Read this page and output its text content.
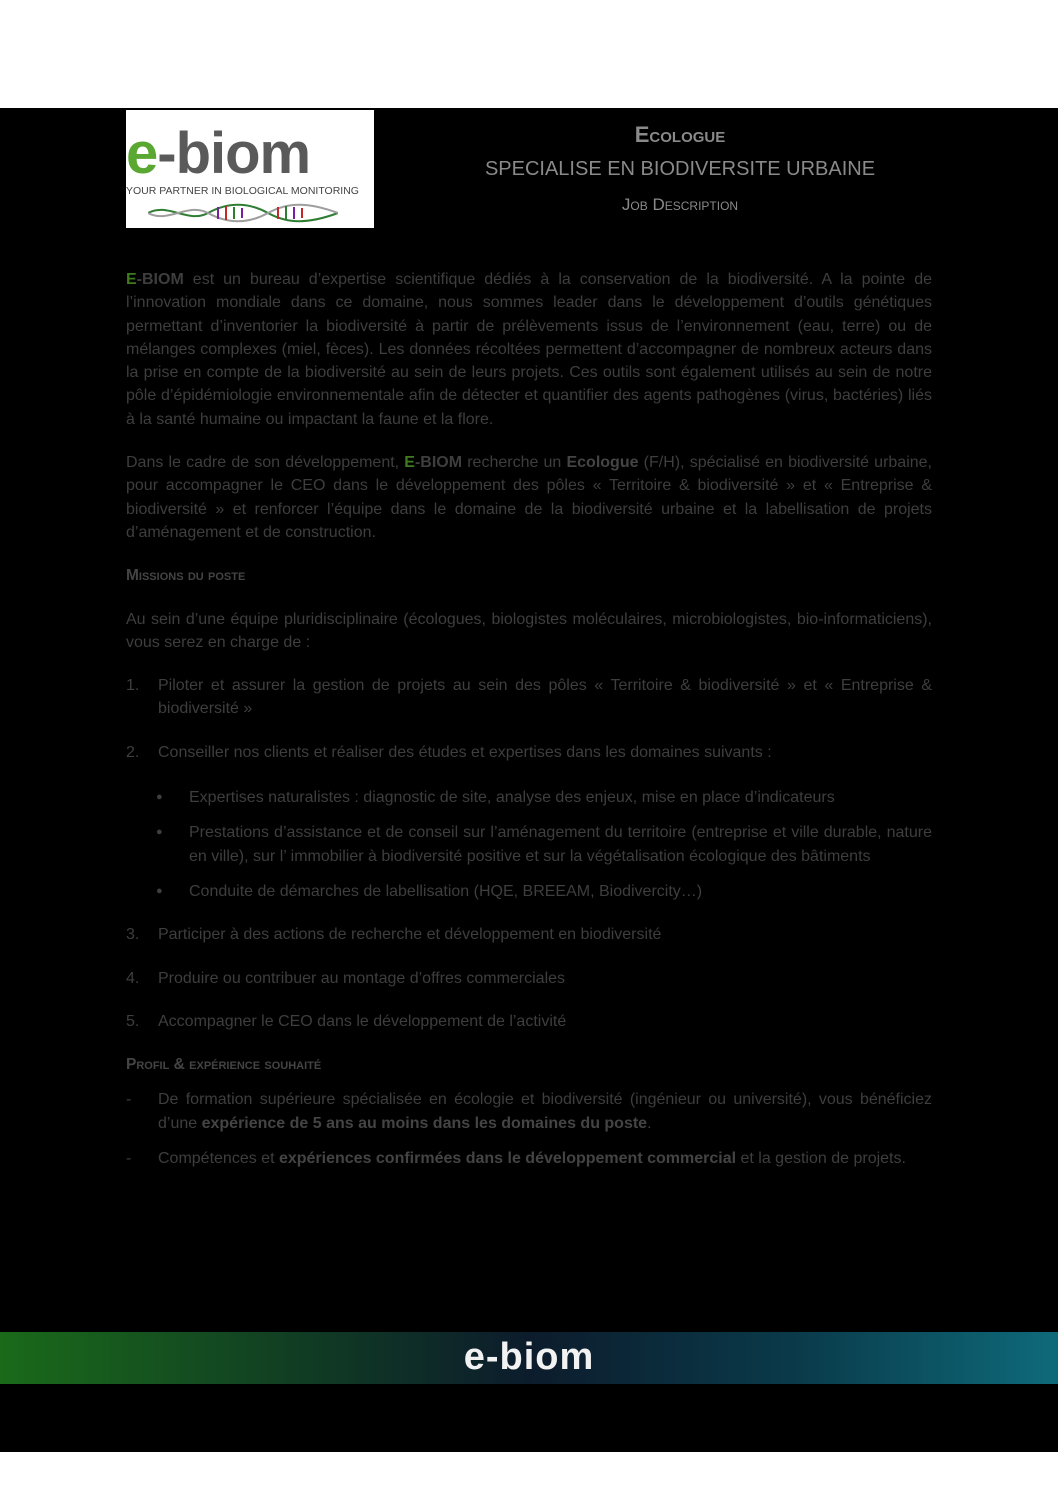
e-biom
YOUR PARTNER IN BIOLOGICAL MONITORING
Ecologue
SPECIALISE EN BIODIVERSITE URBAINE
Job Description

E-BIOM est un bureau d’expertise scientifique dédiés à la conservation de la biodiversité. A la pointe de l’innovation mondiale dans ce domaine, nous sommes leader dans le développement d’outils génétiques permettant d’inventorier la biodiversité à partir de prélèvements issus de l’environnement (eau, terre) ou de mélanges complexes (miel, fèces). Les données récoltées permettent d’accompagner de nombreux acteurs dans la prise en compte de la biodiversité au sein de leurs projets. Ces outils sont également utilisés au sein de notre pôle d’épidémiologie environnementale afin de détecter et quantifier des agents pathogènes (virus, bactéries) liés à la santé humaine ou impactant la faune et la flore.

Dans le cadre de son développement, E-BIOM recherche un Ecologue (F/H), spécialisé en biodiversité urbaine, pour accompagner le CEO dans le développement des pôles « Territoire & biodiversité » et « Entreprise & biodiversité » et renforcer l’équipe dans le domaine de la biodiversité urbaine et la labellisation de projets d’aménagement et de construction.

Missions du poste

Au sein d’une équipe pluridisciplinaire (écologues, biologistes moléculaires, microbiologistes, bio-informaticiens), vous serez en charge de :

1. Piloter et assurer la gestion de projets au sein des pôles « Territoire & biodiversité » et « Entreprise & biodiversité »
2. Conseiller nos clients et réaliser des études et expertises dans les domaines suivants :
● Expertises naturalistes : diagnostic de site, analyse des enjeux, mise en place d’indicateurs
● Prestations d’assistance et de conseil sur l’aménagement du territoire (entreprise et ville durable, nature en ville), sur l’ immobilier à biodiversité positive et sur la végétalisation écologique des bâtiments
● Conduite de démarches de labellisation (HQE, BREEAM, Biodivercity…)
3. Participer à des actions de recherche et développement en biodiversité
4. Produire ou contribuer au montage d’offres commerciales
5. Accompagner le CEO dans le développement de l’activité
Profil & expérience souhaité
- De formation supérieure spécialisée en écologie et biodiversité (ingénieur ou université), vous bénéficiez d’une expérience de 5 ans au moins dans les domaines du poste.
- Compétences et expériences confirmées dans le développement commercial et la gestion de projets.
e-biom
